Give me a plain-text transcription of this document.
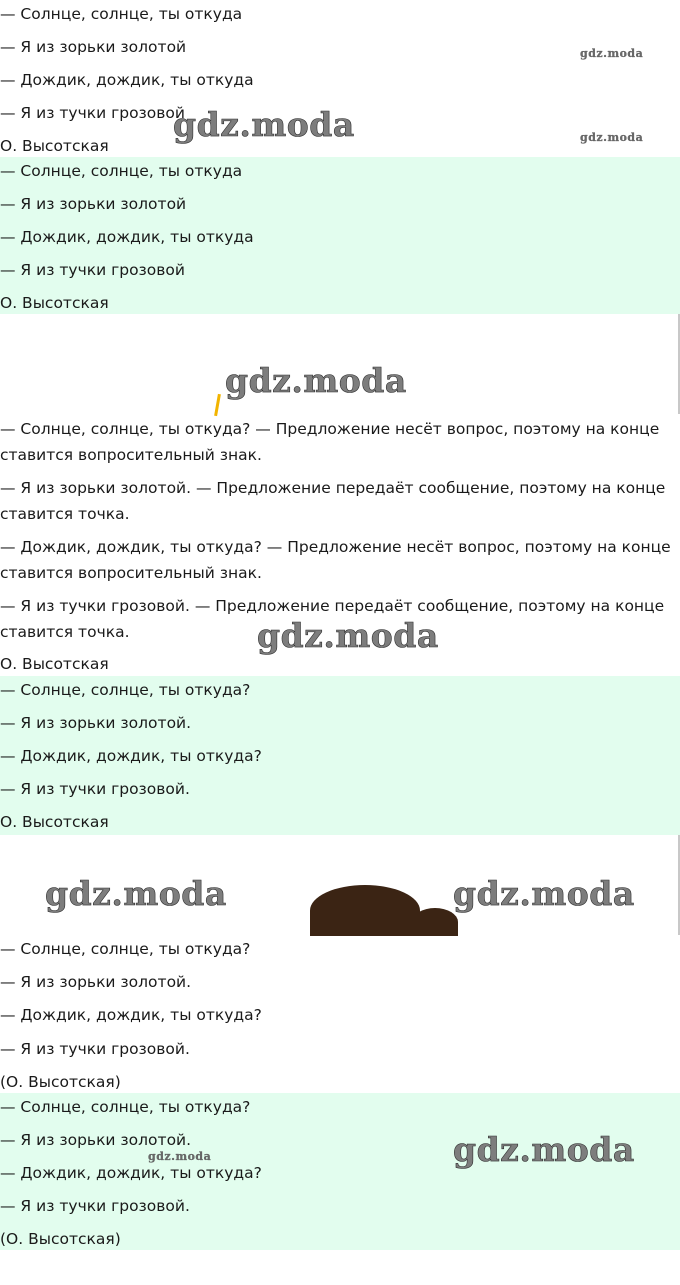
— Солнце, солнце, ты откуда
— Я из зорьки золотой
— Дождик, дождик, ты откуда
— Я из тучки грозовой
О. Высотская
gdz.moda
gdz.moda	gdz.moda
— Солнце, солнце, ты откуда
— Я из зорьки золотой
— Дождик, дождик, ты откуда
— Я из тучки грозовой
О. Высотская
gdz.moda
— Солнце, солнце, ты откуда? — Предложение несёт вопрос, поэтому на конце ставится вопросительный знак.
— Я из зорьки золотой. — Предложение передаёт сообщение, поэтому на конце ставится точка.
— Дождик, дождик, ты откуда? — Предложение несёт вопрос, поэтому на конце ставится вопросительный знак.
— Я из тучки грозовой. — Предложение передаёт сообщение, поэтому на конце ставится точка.	gdz.moda
О. Высотская
— Солнце, солнце, ты откуда?
— Я из зорьки золотой.
— Дождик, дождик, ты откуда?
— Я из тучки грозовой.
О. Высотская
gdz.moda	gdz.moda
— Солнце, солнце, ты откуда?
— Я из зорьки золотой.
— Дождик, дождик, ты откуда?
— Я из тучки грозовой.
(О. Высотская)
— Солнце, солнце, ты откуда?
— Я из зорьки золотой.
gdz.moda
— Дождик, дождик, ты откуда?
— Я из тучки грозовой.
(О. Высотская)
gdz.moda
